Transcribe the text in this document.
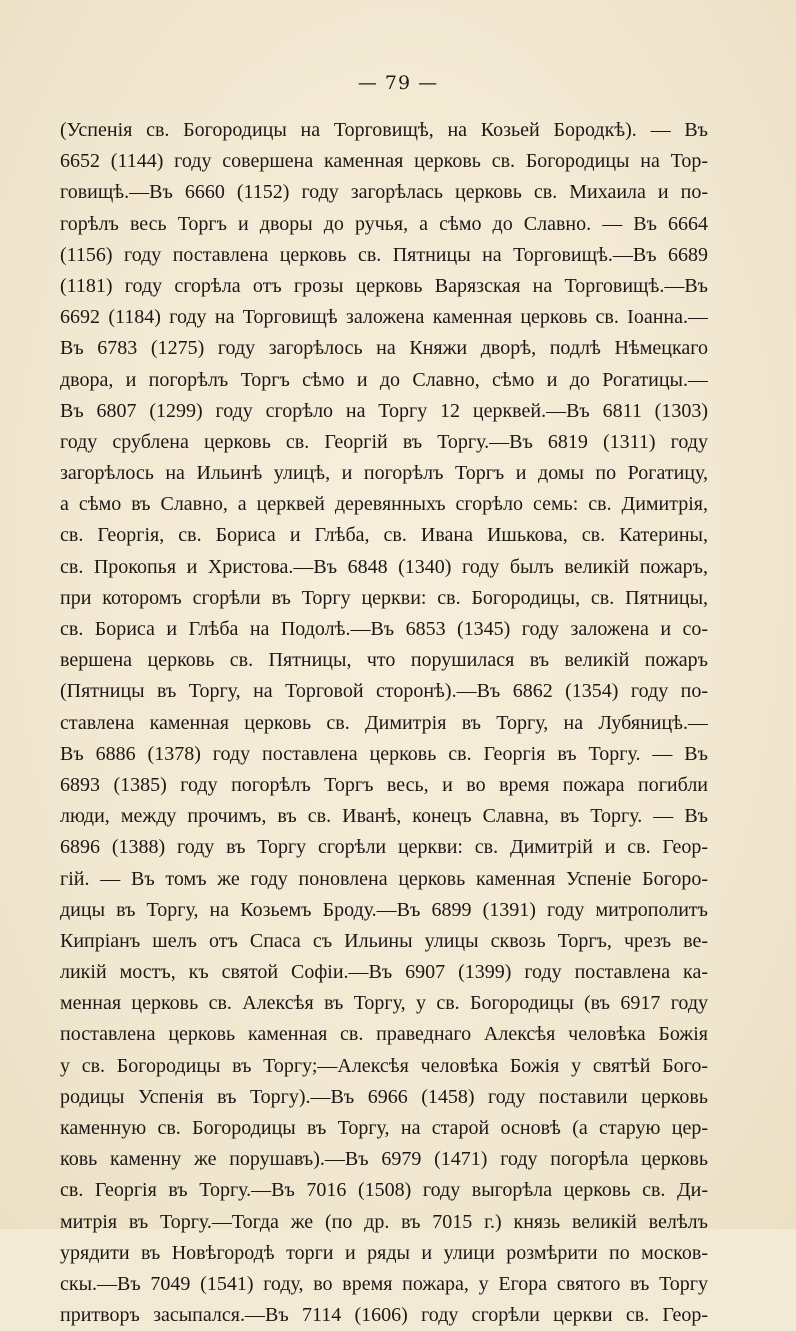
— 79 —
(Успенія св. Богородицы на Торговищѣ, на Козьей Бородкѣ). — Въ
6652 (1144) году совершена каменная церковь св. Богородицы на Тор-
говищѣ.—Въ 6660 (1152) году загорѣлась церковь св. Михаила и по-
горѣлъ весь Торгъ и дворы до ручья, а сѣмо до Славно. — Въ 6664
(1156) году поставлена церковь св. Пятницы на Торговищѣ.—Въ 6689
(1181) году сгорѣла отъ грозы церковь Варязская на Торговищѣ.—Въ
6692 (1184) году на Торговищѣ заложена каменная церковь св. Іоанна.—
Въ 6783 (1275) году загорѣлось на Княжи дворѣ, подлѣ Нѣмецкаго
двора, и погорѣлъ Торгъ сѣмо и до Славно, сѣмо и до Рогатицы.—
Въ 6807 (1299) году сгорѣло на Торгу 12 церквей.—Въ 6811 (1303)
году срублена церковь св. Георгій въ Торгу.—Въ 6819 (1311) году
загорѣлось на Ильинѣ улицѣ, и погорѣлъ Торгъ и домы по Рогатицу,
а сѣмо въ Славно, а церквей деревянныхъ сгорѣло семь: св. Димитрія,
св. Георгія, св. Бориса и Глѣба, св. Ивана Ишькова, св. Катерины,
св. Прокопья и Христова.—Въ 6848 (1340) году былъ великій пожаръ,
при которомъ сгорѣли въ Торгу церкви: св. Богородицы, св. Пятницы,
св. Бориса и Глѣба на Подолѣ.—Въ 6853 (1345) году заложена и со-
вершена церковь св. Пятницы, что порушилася въ великій пожаръ
(Пятницы въ Торгу, на Торговой сторонѣ).—Въ 6862 (1354) году по-
ставлена каменная церковь св. Димитрія въ Торгу, на Лубяницѣ.—
Въ 6886 (1378) году поставлена церковь св. Георгія въ Торгу. — Въ
6893 (1385) году погорѣлъ Торгъ весь, и во время пожара погибли
люди, между прочимъ, въ св. Иванѣ, конецъ Славна, въ Торгу. — Въ
6896 (1388) году въ Торгу сгорѣли церкви: св. Димитрій и св. Геор-
гій. — Въ томъ же году поновлена церковь каменная Успеніе Богоро-
дицы въ Торгу, на Козьемъ Броду.—Въ 6899 (1391) году митрополитъ
Кипріанъ шелъ отъ Спаса съ Ильины улицы сквозь Торгъ, чрезъ ве-
ликій мостъ, къ святой Софіи.—Въ 6907 (1399) году поставлена ка-
менная церковь св. Алексѣя въ Торгу, у св. Богородицы (въ 6917 году
поставлена церковь каменная св. праведнаго Алексѣя человѣка Божія
у св. Богородицы въ Торгу;—Алексѣя человѣка Божія у святѣй Бого-
родицы Успенія въ Торгу).—Въ 6966 (1458) году поставили церковь
каменную св. Богородицы въ Торгу, на старой основѣ (а старую цер-
ковь каменну же порушавъ).—Въ 6979 (1471) году погорѣла церковь
св. Георгія въ Торгу.—Въ 7016 (1508) году выгорѣла церковь св. Ди-
митрія въ Торгу.—Тогда же (по др. въ 7015 г.) князь великій велѣлъ
урядити въ Новѣгородѣ торги и ряды и улици розмѣрити по москов-
скы.—Въ 7049 (1541) году, во время пожара, у Егора святого въ Торгу
притворъ засыпался.—Въ 7114 (1606) году сгорѣли церкви св. Геор-
